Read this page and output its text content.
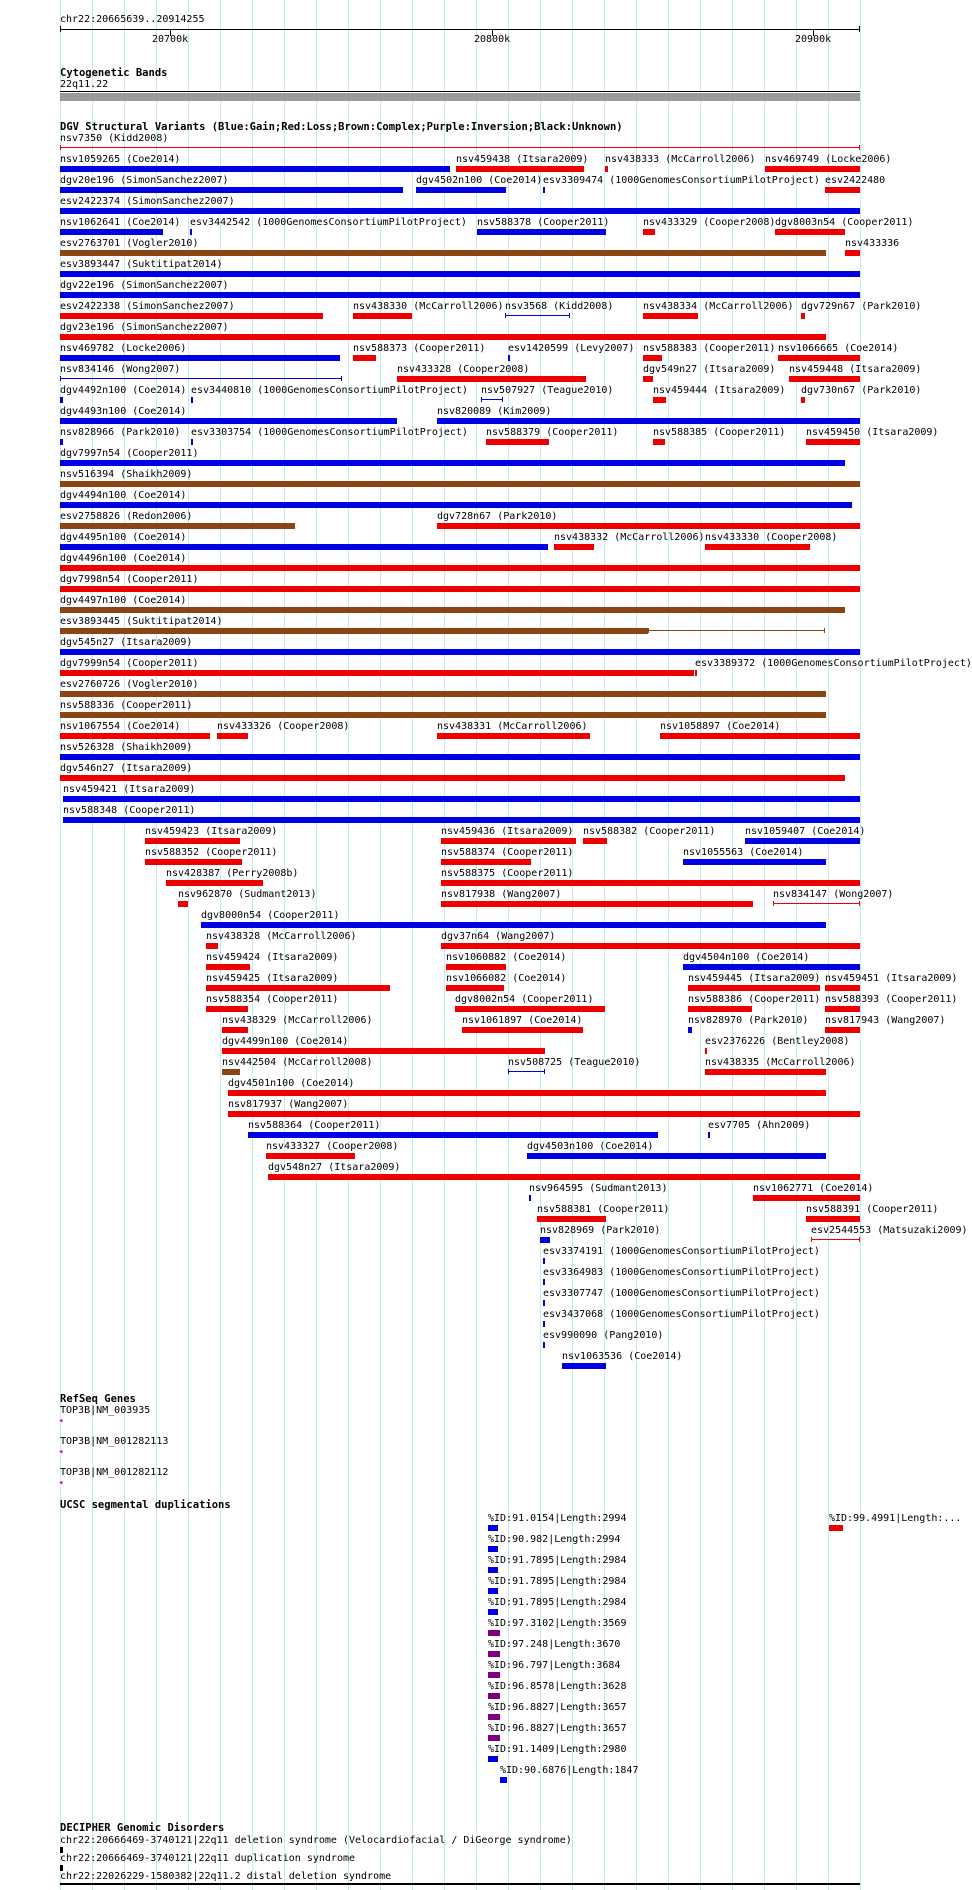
chr22:20665639..20914255
20700k	20800k	20900k
Cytogenetic Bands
22q11.22
DGV Structural Variants (Blue:Gain;Red:Loss;Brown:Complex;Purple:Inversion;Black:Unknown)
RefSeq Genes
UCSC segmental duplications
DECIPHER Genomic Disorders
nsv7350 (Kidd2008)
nsv1059265 (Coe2014)	nsv459438 (Itsara2009) nsv438333 (McCarroll2006) nsv469749 (Locke2006)
dgv20e196 (SimonSanchez2007)	dgv4502n100 (Coe2014) esv3309474 (1000GenomesConsortiumPilotProject) esv2422480
esv2422374 (SimonSanchez2007)
nsv1062641 (Coe2014) esv3442542 (1000GenomesConsortiumPilotProject) nsv588378 (Cooper2011)	nsv433329 (Cooper2008) dgv8003n54 (Cooper2011)
esv2763701 (Vogler2010)	nsv433336
esv3893447 (Suktitipat2014)
dgv22e196 (SimonSanchez2007)
esv2422338 (SimonSanchez2007)	nsv438330 (McCarroll2006) nsv3568 (Kidd2008)	nsv438334 (McCarroll2006) dgv729n67 (Park2010)
dgv23e196 (SimonSanchez2007)
nsv469782 (Locke2006)	nsv588373 (Cooper2011) esv1420599 (Levy2007) nsv588383 (Cooper2011) nsv1066665 (Coe2014)
nsv834146 (Wong2007)	nsv433328 (Cooper2008)	dgv549n27 (Itsara2009) nsv459448 (Itsara2009)
dgv4492n100 (Coe2014) esv3440810 (1000GenomesConsortiumPilotProject) nsv507927 (Teague2010)	nsv459444 (Itsara2009) dgv730n67 (Park2010)
dgv4493n100 (Coe2014)	nsv820089 (Kim2009)
nsv828966 (Park2010) esv3303754 (1000GenomesConsortiumPilotProject) nsv588379 (Cooper2011)	nsv588385 (Cooper2011) nsv459450 (Itsara2009)
dgv7997n54 (Cooper2011)
nsv516394 (Shaikh2009)
dgv4494n100 (Coe2014)
esv2758826 (Redon2006)	dgv728n67 (Park2010)
dgv4495n100 (Coe2014)	nsv438332 (McCarroll2006) nsv433330 (Cooper2008)
dgv4496n100 (Coe2014)
dgv7998n54 (Cooper2011)
dgv4497n100 (Coe2014)
esv3893445 (Suktitipat2014)
dgv545n27 (Itsara2009)
dgv7999n54 (Cooper2011)	esv3389372 (1000GenomesConsortiumPilotProject)
esv2760726 (Vogler2010)
nsv588336 (Cooper2011)
nsv1067554 (Coe2014)	nsv433326 (Cooper2008)	nsv438331 (McCarroll2006)	nsv1058897 (Coe2014)
nsv526328 (Shaikh2009)
dgv546n27 (Itsara2009)
nsv459421 (Itsara2009)
nsv588348 (Cooper2011)
nsv459423 (Itsara2009)	nsv459436 (Itsara2009) nsv588382 (Cooper2011)	nsv1059407 (Coe2014)
nsv588352 (Cooper2011)	nsv588374 (Cooper2011)	nsv1055563 (Coe2014)
nsv428387 (Perry2008b)	nsv588375 (Cooper2011)
nsv962870 (Sudmant2013)	nsv817938 (Wang2007)	nsv834147 (Wong2007)
dgv8000n54 (Cooper2011)
nsv438328 (McCarroll2006)	dgv37n64 (Wang2007)
nsv459424 (Itsara2009)	nsv1060882 (Coe2014)	dgv4504n100 (Coe2014)
nsv459425 (Itsara2009)	nsv1066082 (Coe2014)	nsv459445 (Itsara2009) nsv459451 (Itsara2009)
nsv588354 (Cooper2011)	dgv8002n54 (Cooper2011)	nsv588386 (Cooper2011) nsv588393 (Cooper2011)
nsv438329 (McCarroll2006)	nsv1061897 (Coe2014)	nsv828970 (Park2010) nsv817943 (Wang2007)
dgv4499n100 (Coe2014)	esv2376226 (Bentley2008)
nsv442504 (McCarroll2008)	nsv508725 (Teague2010)	nsv438335 (McCarroll2006)
dgv4501n100 (Coe2014)
nsv817937 (Wang2007)
nsv588364 (Cooper2011)	esv7705 (Ahn2009)
nsv433327 (Cooper2008)	dgv4503n100 (Coe2014)
dgv548n27 (Itsara2009)
nsv964595 (Sudmant2013)	nsv1062771 (Coe2014)
nsv588381 (Cooper2011)	nsv588391 (Cooper2011)
nsv828969 (Park2010)	esv2544553 (Matsuzaki2009)
esv3374191 (1000GenomesConsortiumPilotProject)
esv3364983 (1000GenomesConsortiumPilotProject)
esv3307747 (1000GenomesConsortiumPilotProject)
esv3437068 (1000GenomesConsortiumPilotProject)
esv990090 (Pang2010)
nsv1063536 (Coe2014)
TOP3B|NM_003935
◂
TOP3B|NM_001282113
◂
TOP3B|NM_001282112
◂
%ID:91.0154|Length:2994	%ID:99.4991|Length:...
%ID:90.982|Length:2994
%ID:91.7895|Length:2984
%ID:91.7895|Length:2984
%ID:91.7895|Length:2984
%ID:97.3102|Length:3569
%ID:97.248|Length:3670
%ID:96.797|Length:3684
%ID:96.8578|Length:3628
%ID:96.8827|Length:3657
%ID:96.8827|Length:3657
%ID:91.1409|Length:2980
%ID:90.6876|Length:1847
chr22:20666469-3740121|22q11 deletion syndrome (Velocardiofacial / DiGeorge syndrome)
chr22:20666469-3740121|22q11 duplication syndrome
chr22:22026229-1580382|22q11.2 distal deletion syndrome
